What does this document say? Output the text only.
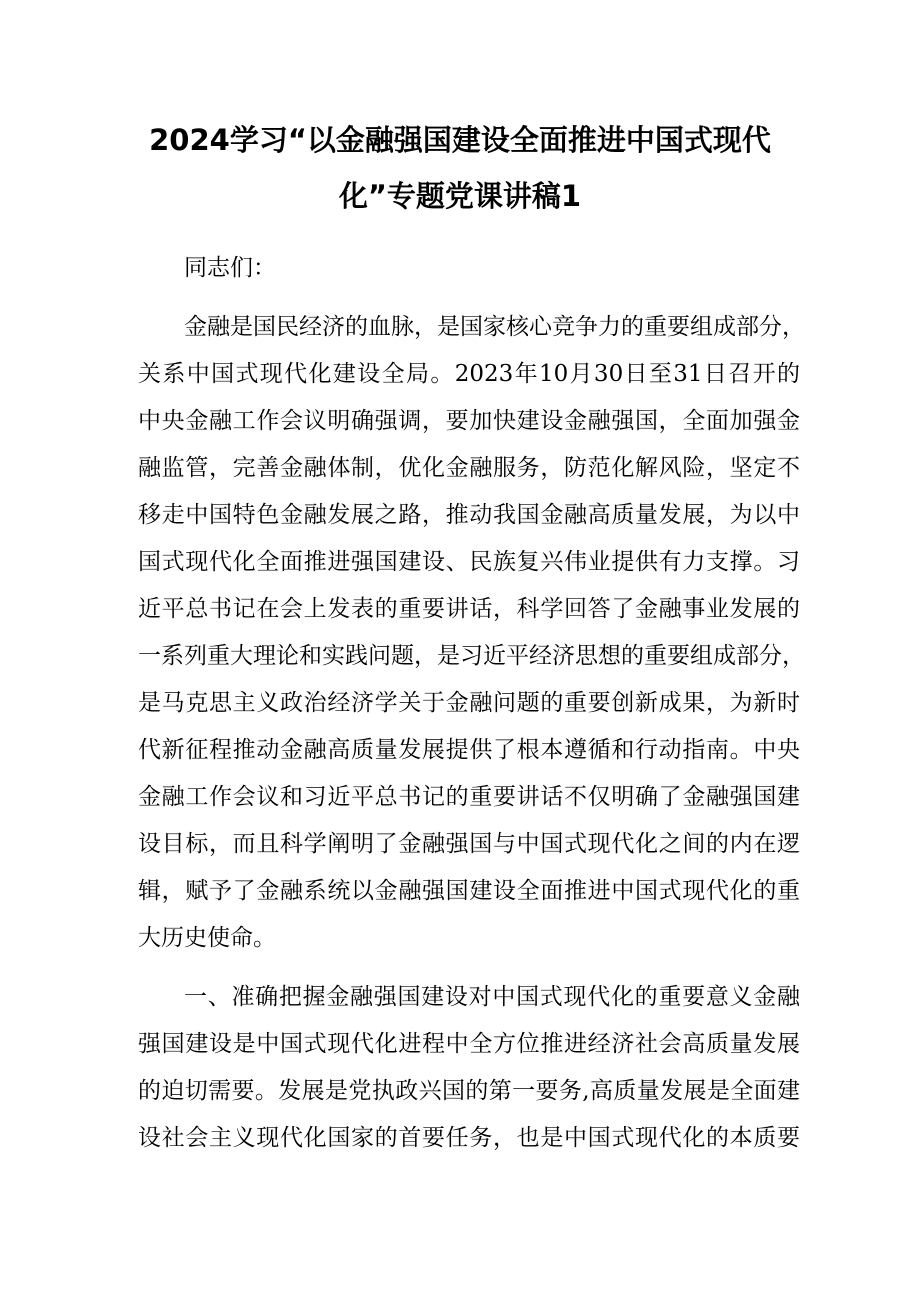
2024学习“以金融强国建设全面推进中国式现代
化”专题党课讲稿1
同志们：
金融是国民经济的血脉，是国家核心竞争力的重要组成部分，
关系中国式现代化建设全局。2023年10月30日至31日召开的
中央金融工作会议明确强调，要加快建设金融强国，全面加强金
融监管，完善金融体制，优化金融服务，防范化解风险，坚定不
移走中国特色金融发展之路，推动我国金融高质量发展，为以中
国式现代化全面推进强国建设、民族复兴伟业提供有力支撑。习
近平总书记在会上发表的重要讲话，科学回答了金融事业发展的
一系列重大理论和实践问题，是习近平经济思想的重要组成部分，
是马克思主义政治经济学关于金融问题的重要创新成果，为新时
代新征程推动金融高质量发展提供了根本遵循和行动指南。中央
金融工作会议和习近平总书记的重要讲话不仅明确了金融强国建
设目标，而且科学阐明了金融强国与中国式现代化之间的内在逻
辑，赋予了金融系统以金融强国建设全面推进中国式现代化的重
大历史使命。
一、准确把握金融强国建设对中国式现代化的重要意义金融
强国建设是中国式现代化进程中全方位推进经济社会高质量发展
的迫切需要。发展是党执政兴国的第一要务,高质量发展是全面建
设社会主义现代化国家的首要任务，也是中国式现代化的本质要
